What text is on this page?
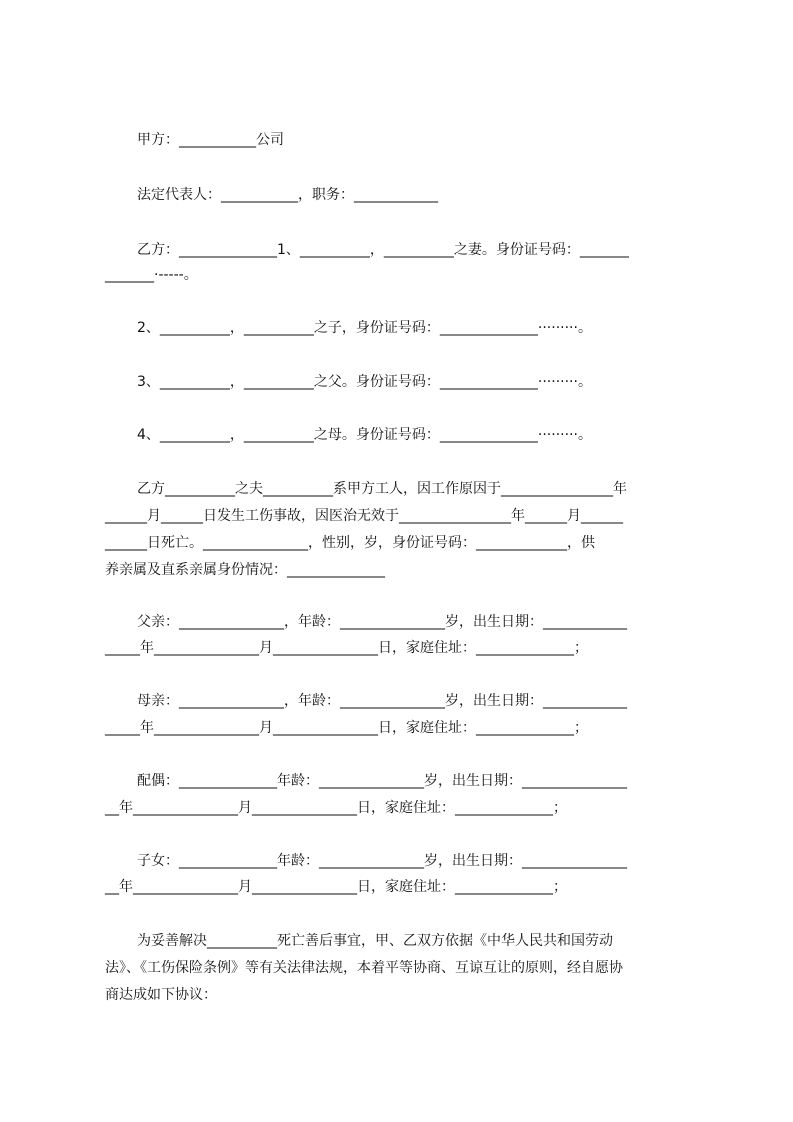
甲方：___________公司
法定代表人：___________，职务：____________
乙方：______________1、__________，__________之妻。身份证号码：_______
_______·-----。
2、__________，__________之子，身份证号码：______________·········。
3、__________，__________之父。身份证号码：______________·········。
4、__________，__________之母。身份证号码：______________·········。
乙方__________之夫__________系甲方工人，因工作原因于________________年
______月______日发生工伤事故，因医治无效于________________年______月______
______日死亡。_______________，性别，岁，身份证号码：_____________，供
养亲属及直系亲属身份情况：______________
父亲：_______________，年龄：_______________岁，出生日期：____________
_____年_______________月_______________日，家庭住址：______________；
母亲：_______________，年龄：_______________岁，出生日期：____________
_____年_______________月_______________日，家庭住址：______________；
配偶：______________年龄：_______________岁，出生日期：_______________
__年_______________月_______________日，家庭住址：______________；
子女：______________年龄：_______________岁，出生日期：_______________
__年_______________月_______________日，家庭住址：______________；
为妥善解决__________死亡善后事宜，甲、乙双方依据《中华人民共和国劳动
法》、《工伤保险条例》等有关法律法规，本着平等协商、互谅互让的原则，经自愿协
商达成如下协议：
